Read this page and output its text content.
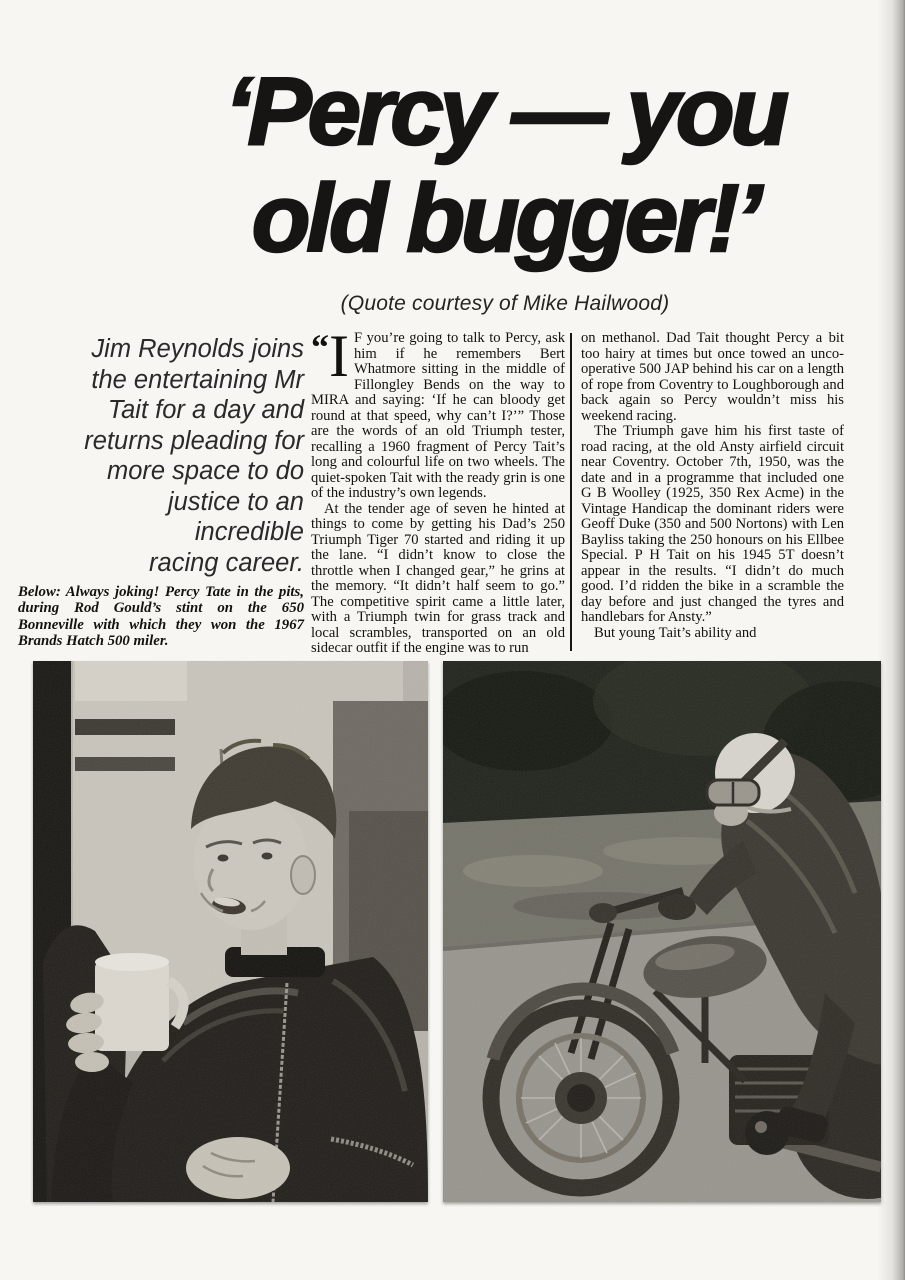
‘Percy — you
old bugger!’
(Quote courtesy of Mike Hailwood)
Jim Reynolds joins
the entertaining Mr
Tait for a day and
returns pleading for
more space to do
justice to an
incredible
racing career.
Below: Always joking! Percy Tate in the pits, during Rod Gould’s stint on the 650 Bonneville with which they won the 1967 Brands Hatch 500 miler.

“ I F you’re going to talk to Percy, ask him if he remembers Bert Whatmore sitting in the middle of Fillongley Bends on the way to MIRA and saying: ‘If he can bloody get round at that speed, why can’t I?’” Those are the words of an old Triumph tester, recalling a 1960 fragment of Percy Tait’s long and colourful life on two wheels. The quiet-spoken Tait with the ready grin is one of the industry’s own legends.

At the tender age of seven he hinted at things to come by getting his Dad’s 250 Triumph Tiger 70 started and riding it up the lane. “I didn’t know to close the throttle when I changed gear,” he grins at the memory. “It didn’t half seem to go.” The competitive spirit came a little later, with a Triumph twin for grass track and local scrambles, transported on an old sidecar outfit if the engine was to run

on methanol. Dad Tait thought Percy a bit too hairy at times but once towed an unco-operative 500 JAP behind his car on a length of rope from Coventry to Loughborough and back again so Percy wouldn’t miss his weekend racing.

The Triumph gave him his first taste of road racing, at the old Ansty airfield circuit near Coventry. October 7th, 1950, was the date and in a programme that included one G B Woolley (1925, 350 Rex Acme) in the Vintage Handicap the dominant riders were Geoff Duke (350 and 500 Nortons) with Len Bayliss taking the 250 honours on his Ellbee Special. P H Tait on his 1945 5T doesn’t appear in the results. “I didn’t do much good. I’d ridden the bike in a scramble the day before and just changed the tyres and handlebars for Ansty.”

But young Tait’s ability and
